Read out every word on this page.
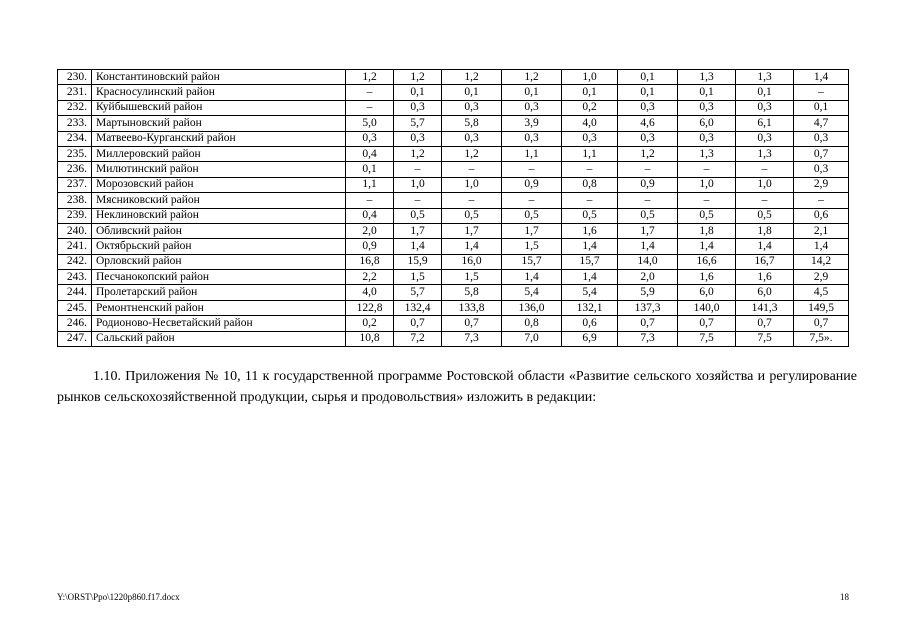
230.	Константиновский район	1,2	1,2	1,2	1,2	1,0	0,1	1,3	1,3	1,4
231.	Красносулинский район	–	0,1	0,1	0,1	0,1	0,1	0,1	0,1	–
232.	Куйбышевский район	–	0,3	0,3	0,3	0,2	0,3	0,3	0,3	0,1
233.	Мартыновский район	5,0	5,7	5,8	3,9	4,0	4,6	6,0	6,1	4,7
234.	Матвеево-Курганский район	0,3	0,3	0,3	0,3	0,3	0,3	0,3	0,3	0,3
235.	Миллеровский район	0,4	1,2	1,2	1,1	1,1	1,2	1,3	1,3	0,7
236.	Милютинский район	0,1	–	–	–	–	–	–	–	0,3
237.	Морозовский район	1,1	1,0	1,0	0,9	0,8	0,9	1,0	1,0	2,9
238.	Мясниковский район	–	–	–	–	–	–	–	–	–
239.	Неклиновский район	0,4	0,5	0,5	0,5	0,5	0,5	0,5	0,5	0,6
240.	Обливский район	2,0	1,7	1,7	1,7	1,6	1,7	1,8	1,8	2,1
241.	Октябрьский район	0,9	1,4	1,4	1,5	1,4	1,4	1,4	1,4	1,4
242.	Орловский район	16,8	15,9	16,0	15,7	15,7	14,0	16,6	16,7	14,2
243.	Песчанокопский район	2,2	1,5	1,5	1,4	1,4	2,0	1,6	1,6	2,9
244.	Пролетарский район	4,0	5,7	5,8	5,4	5,4	5,9	6,0	6,0	4,5
245.	Ремонтненский район	122,8	132,4	133,8	136,0	132,1	137,3	140,0	141,3	149,5
246.	Родионово-Несветайский район	0,2	0,7	0,7	0,8	0,6	0,7	0,7	0,7	0,7
247.	Сальский район	10,8	7,2	7,3	7,0	6,9	7,3	7,5	7,5	7,5».

1.10. Приложения № 10, 11 к государственной программе Ростовской области «Развитие сельского хозяйства и регулирование рынков сельскохозяйственной продукции, сырья и продовольствия» изложить в редакции:

Y:\ORST\Ppo\1220p860.f17.docx	18
